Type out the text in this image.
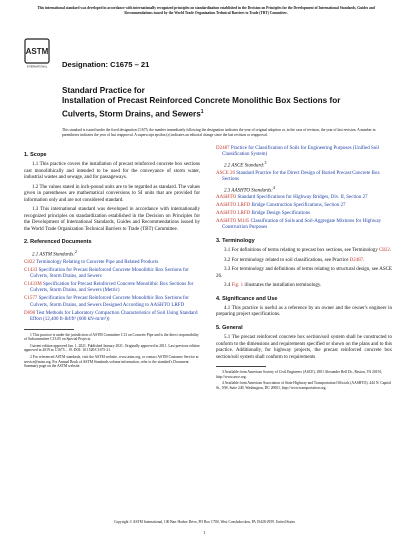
This international standard was developed in accordance with internationally recognized principles on standardization established in the Decision on Principles for the Development of International Standards, Guides and Recommendations issued by the World Trade Organization Technical Barriers to Trade (TBT) Committee.
ASTM
INTERNATIONAL Designation: C1675 – 21
Standard Practice for
Installation of Precast Reinforced Concrete Monolithic Box Sections for Culverts, Storm Drains, and Sewers$^1$
This standard is issued under the fixed designation C1675; the number immediately following the designation indicates the year of original adoption or, in the case of revision, the year of last revision. A number in parentheses indicates the year of last reapproval. A superscript epsilon (ε) indicates an editorial change since the last revision or reapproval.
1. Scope

1.1 This practice covers the installation of precast reinforced concrete box sections cast monolithically and intended to be used for the conveyance of storm water, industrial wastes and sewage, and for passageways.

1.2 The values stated in inch-pound units are to be regarded as standard. The values given in parentheses are mathematical conversions to SI units that are provided for information only and are not considered standard.

1.3 This international standard was developed in accordance with internationally recognized principles on standardization established in the Decision on Principles for the Development of International Standards, Guides and Recommendations issued by the World Trade Organization Technical Barriers to Trade (TBT) Committee.

2. Referenced Documents
2.1 ASTM Standards:$^2$
C822 Terminology Relating to Concrete Pipe and Related Products
C1433 Specification for Precast Reinforced Concrete Monolithic Box Sections for Culverts, Storm Drains, and Sewers
C1433M Specification for Precast Reinforced Concrete Monolithic Box Sections for Culverts, Storm Drains, and Sewers (Metric)
C1577 Specification for Precast Reinforced Concrete Monolithic Box Sections for Culverts, Storm Drains, and Sewers Designed According to AASHTO LRFD
D698 Test Methods for Laboratory Compaction Characteristics of Soil Using Standard Effort (12,400 ft-lbf/ft³ (600 kN-m/m³))
1 This practice is under the jurisdiction of ASTM Committee C13 on Concrete Pipe and is the direct responsibility of Subcommittee C13.05 on Special Projects.
Current edition approved Jan. 1, 2021. Published January 2021. Originally approved in 2011. Last previous edition approved in 2019 as C1675 – 19. DOI: 10.1520/C1675-21.
2 For referenced ASTM standards, visit the ASTM website, www.astm.org, or contact ASTM Customer Service at service@astm.org. For Annual Book of ASTM Standards volume information, refer to the standard's Document Summary page on the ASTM website.
D2487 Practice for Classification of Soils for Engineering Purposes (Unified Soil Classification System)
2.2 ASCE Standard:$^3$
ASCE 26 Standard Practice for the Direct Design of Buried Precast Concrete Box Sections
2.3 AASHTO Standards:$^4$
AASHTO Standard Specifications for Highway Bridges, Div. II, Section 27
AASHTO LRFD Bridge Construction Specifications, Section 27
AASHTO LRFD Bridge Design Specifications
AASHTO M145 Classification of Soils and Soil-Aggregate Mixtures for Highway Construction Purposes
3. Terminology

3.1 For definitions of terms relating to precast box sections, see Terminology C822.

3.2 For terminology related to soil classifications, see Practice D2487.

3.3 For terminology and definitions of terms relating to structural design, see ASCE 26.

3.4 Fig. 1 illustrates the installation terminology.

4. Significance and Use

4.1 This practice is useful as a reference by an owner and the owner's engineer in preparing project specifications.

5. General

5.1 The precast reinforced concrete box section/soil system shall be constructed to conform to the dimensions and requirements specified or shown on the plans and to this practice. Additionally, for highway projects, the precast reinforced concrete box section/soil system shall conform to requirements

3 Available from American Society of Civil Engineers (ASCE), 1801 Alexander Bell Dr., Reston, VA 20191, http://www.asce.org.
4 Available from American Association of State Highway and Transportation Officials (AASHTO), 444 N. Capitol St., NW, Suite 249, Washington, DC 20001, http://www.transportation.org.
Copyright © ASTM International, 100 Barr Harbor Drive, PO Box C700, West Conshohocken, PA 19428-2959. United States
1
